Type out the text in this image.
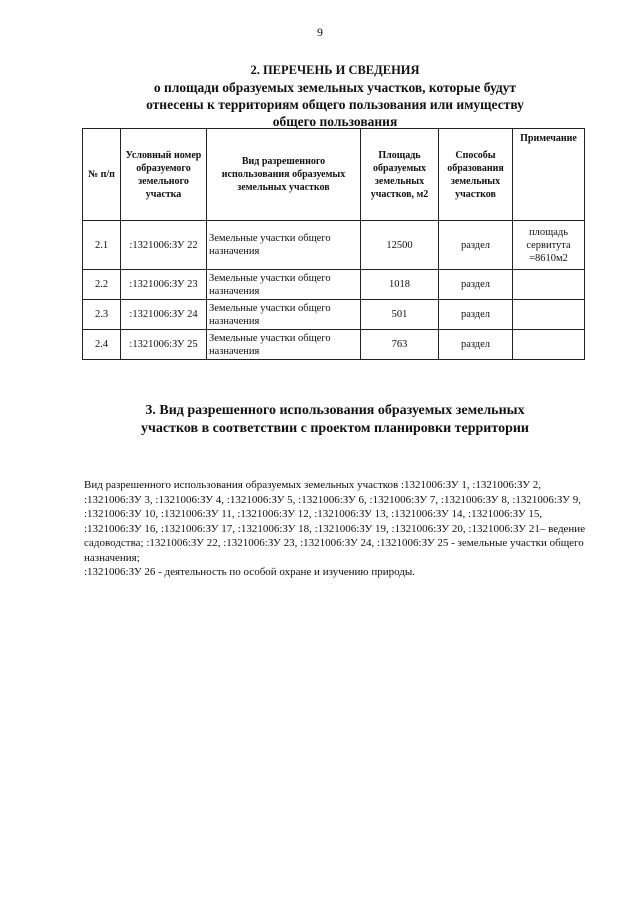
9
2. ПЕРЕЧЕНЬ И СВЕДЕНИЯ
о площади образуемых земельных участков, которые будут
отнесены к территориям общего пользования или имуществу
общего пользования
№ п/п	Условный номер образуемого земельного участка	Вид разрешенного использования образуемых земельных участков	Площадь образуемых земельных участков, м2	Способы образования земельных участков	Примечание
2.1	:1321006:ЗУ 22	Земельные участки общего назначения	12500	раздел	площадь сервитута =8610м2
2.2	:1321006:ЗУ 23	Земельные участки общего назначения	1018	раздел	
2.3	:1321006:ЗУ 24	Земельные участки общего назначения	501	раздел	
2.4	:1321006:ЗУ 25	Земельные участки общего назначения	763	раздел	
3. Вид разрешенного использования образуемых земельных
участков в соответствии с проектом планировки территории

Вид разрешенного использования образуемых земельных участков :1321006:ЗУ 1, :1321006:ЗУ 2, :1321006:ЗУ 3, :1321006:ЗУ 4, :1321006:ЗУ 5, :1321006:ЗУ 6, :1321006:ЗУ 7, :1321006:ЗУ 8, :1321006:ЗУ 9, :1321006:ЗУ 10, :1321006:ЗУ 11, :1321006:ЗУ 12, :1321006:ЗУ 13, :1321006:ЗУ 14, :1321006:ЗУ 15, :1321006:ЗУ 16, :1321006:ЗУ 17, :1321006:ЗУ 18, :1321006:ЗУ 19, :1321006:ЗУ 20, :1321006:ЗУ 21– ведение садоводства; :1321006:ЗУ 22, :1321006:ЗУ 23, :1321006:ЗУ 24, :1321006:ЗУ 25 - земельные участки общего назначения;

:1321006:ЗУ 26 - деятельность по особой охране и изучению природы.
